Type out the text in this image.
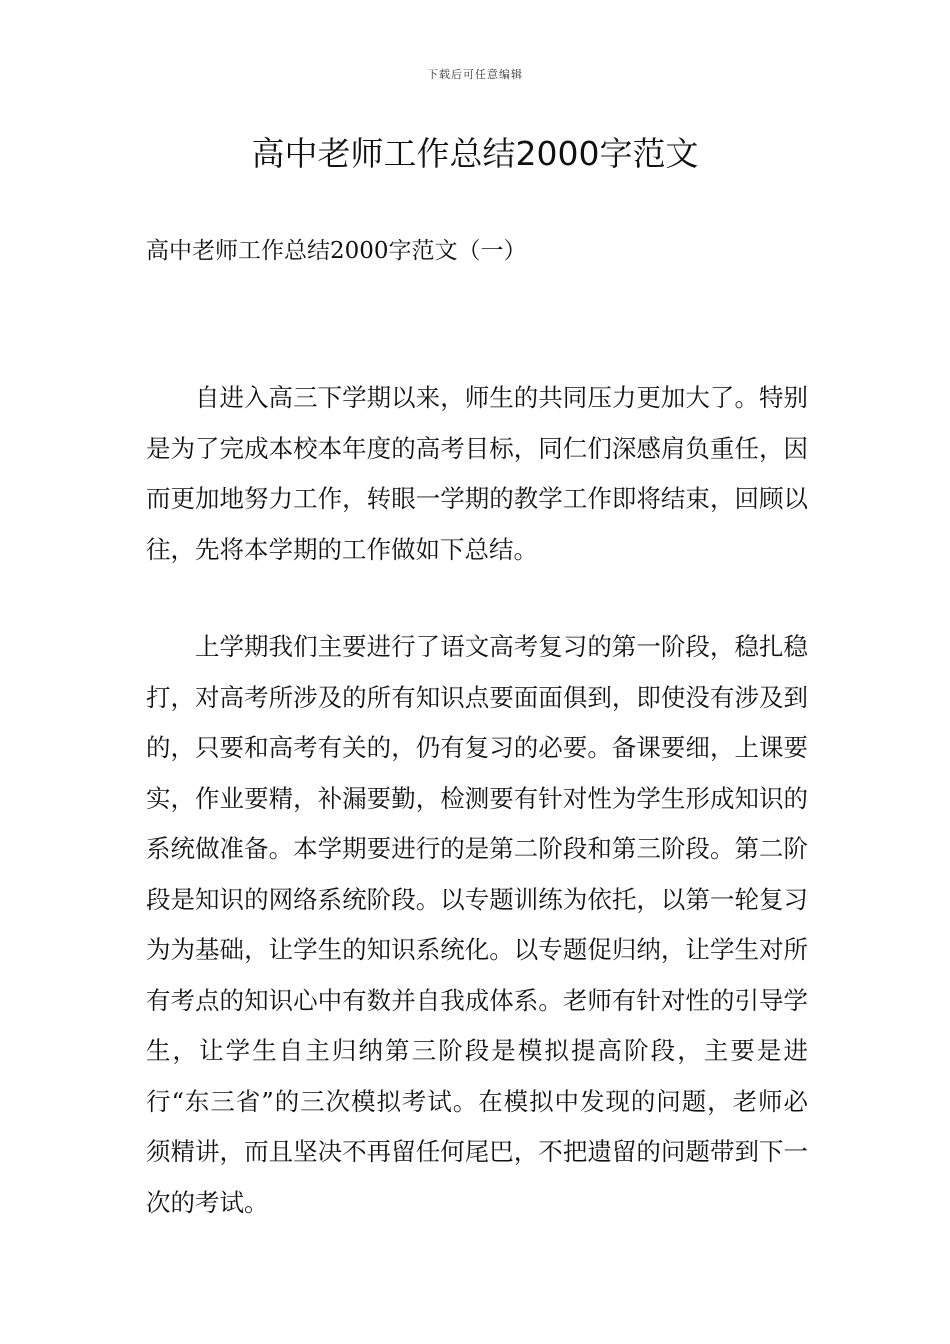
下载后可任意编辑
高中老师工作总结2000字范文

高中老师工作总结2000字范文（一）

自进入高三下学期以来，师生的共同压力更加大了。特别是为了完成本校本年度的高考目标，同仁们深感肩负重任，因而更加地努力工作，转眼一学期的教学工作即将结束，回顾以往，先将本学期的工作做如下总结。

上学期我们主要进行了语文高考复习的第一阶段，稳扎稳打，对高考所涉及的所有知识点要面面俱到，即使没有涉及到的，只要和高考有关的，仍有复习的必要。备课要细，上课要实，作业要精，补漏要勤，检测要有针对性为学生形成知识的系统做准备。本学期要进行的是第二阶段和第三阶段。第二阶段是知识的网络系统阶段。以专题训练为依托，以第一轮复习为为基础，让学生的知识系统化。以专题促归纳，让学生对所有考点的知识心中有数并自我成体系。老师有针对性的引导学生，让学生自主归纳第三阶段是模拟提高阶段，主要是进行“东三省”的三次模拟考试。在模拟中发现的问题，老师必须精讲，而且坚决不再留任何尾巴，不把遗留的问题带到下一次的考试。
